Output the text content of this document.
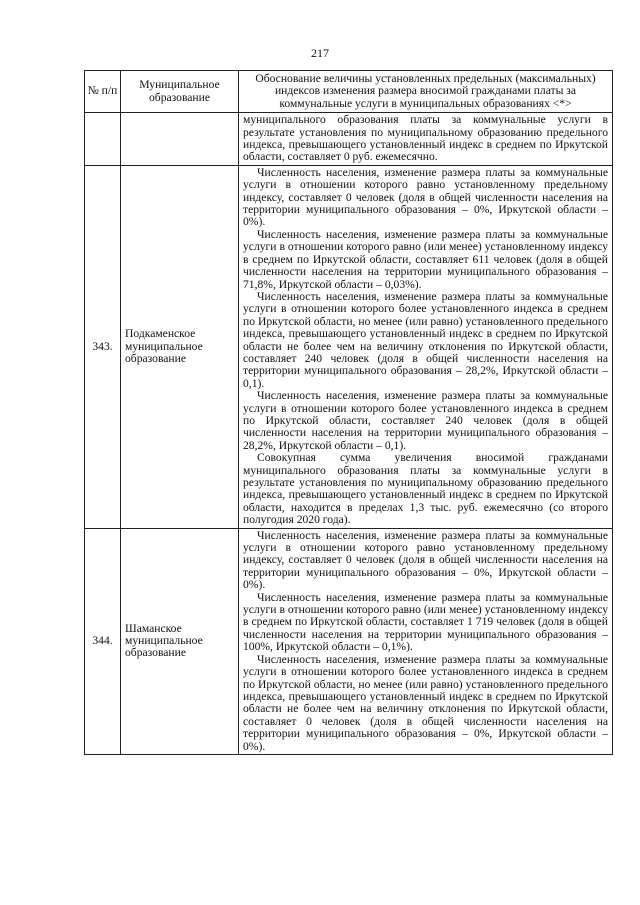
217
№ п/п	Муниципальное образование	Обоснование величины установленных предельных (максимальных) индексов изменения размера вносимой гражданами платы за коммунальные услуги в муниципальных образованиях <*>

		муниципального образования платы за коммунальные услуги в результате установления по муниципальному образованию предельного индекса, превышающего установленный индекс в среднем по Иркутской области, составляет 0 руб. ежемесячно.

343.	Подкаменское муниципальное образование	Численность населения, изменение размера платы за коммунальные услуги в отношении которого равно установленному предельному индексу, составляет 0 человек (доля в общей численности населения на территории муниципального образования – 0%, Иркутской области – 0%).

Численность населения, изменение размера платы за коммунальные услуги в отношении которого равно (или менее) установленному индексу в среднем по Иркутской области, составляет 611 человек (доля в общей численности населения на территории муниципального образования – 71,8%, Иркутской области – 0,03%).

Численность населения, изменение размера платы за коммунальные услуги в отношении которого более установленного индекса в среднем по Иркутской области, но менее (или равно) установленного предельного индекса, превышающего установленный индекс в среднем по Иркутской области не более чем на величину отклонения по Иркутской области, составляет 240 человек (доля в общей численности населения на территории муниципального образования – 28,2%, Иркутской области – 0,1).

Численность населения, изменение размера платы за коммунальные услуги в отношении которого более установленного индекса в среднем по Иркутской области, составляет 240 человек (доля в общей численности населения на территории муниципального образования – 28,2%, Иркутской области – 0,1).

Совокупная сумма увеличения вносимой гражданами муниципального образования платы за коммунальные услуги в результате установления по муниципальному образованию предельного индекса, превышающего установленный индекс в среднем по Иркутской области, находится в пределах 1,3 тыс. руб. ежемесячно (со второго полугодия 2020 года).

344.	Шаманское муниципальное образование	Численность населения, изменение размера платы за коммунальные услуги в отношении которого равно установленному предельному индексу, составляет 0 человек (доля в общей численности населения на территории муниципального образования – 0%, Иркутской области – 0%).

Численность населения, изменение размера платы за коммунальные услуги в отношении которого равно (или менее) установленному индексу в среднем по Иркутской области, составляет 1 719 человек (доля в общей численности населения на территории муниципального образования – 100%, Иркутской области – 0,1%).

Численность населения, изменение размера платы за коммунальные услуги в отношении которого более установленного индекса в среднем по Иркутской области, но менее (или равно) установленного предельного индекса, превышающего установленный индекс в среднем по Иркутской области не более чем на величину отклонения по Иркутской области, составляет 0 человек (доля в общей численности населения на территории муниципального образования – 0%, Иркутской области – 0%).
